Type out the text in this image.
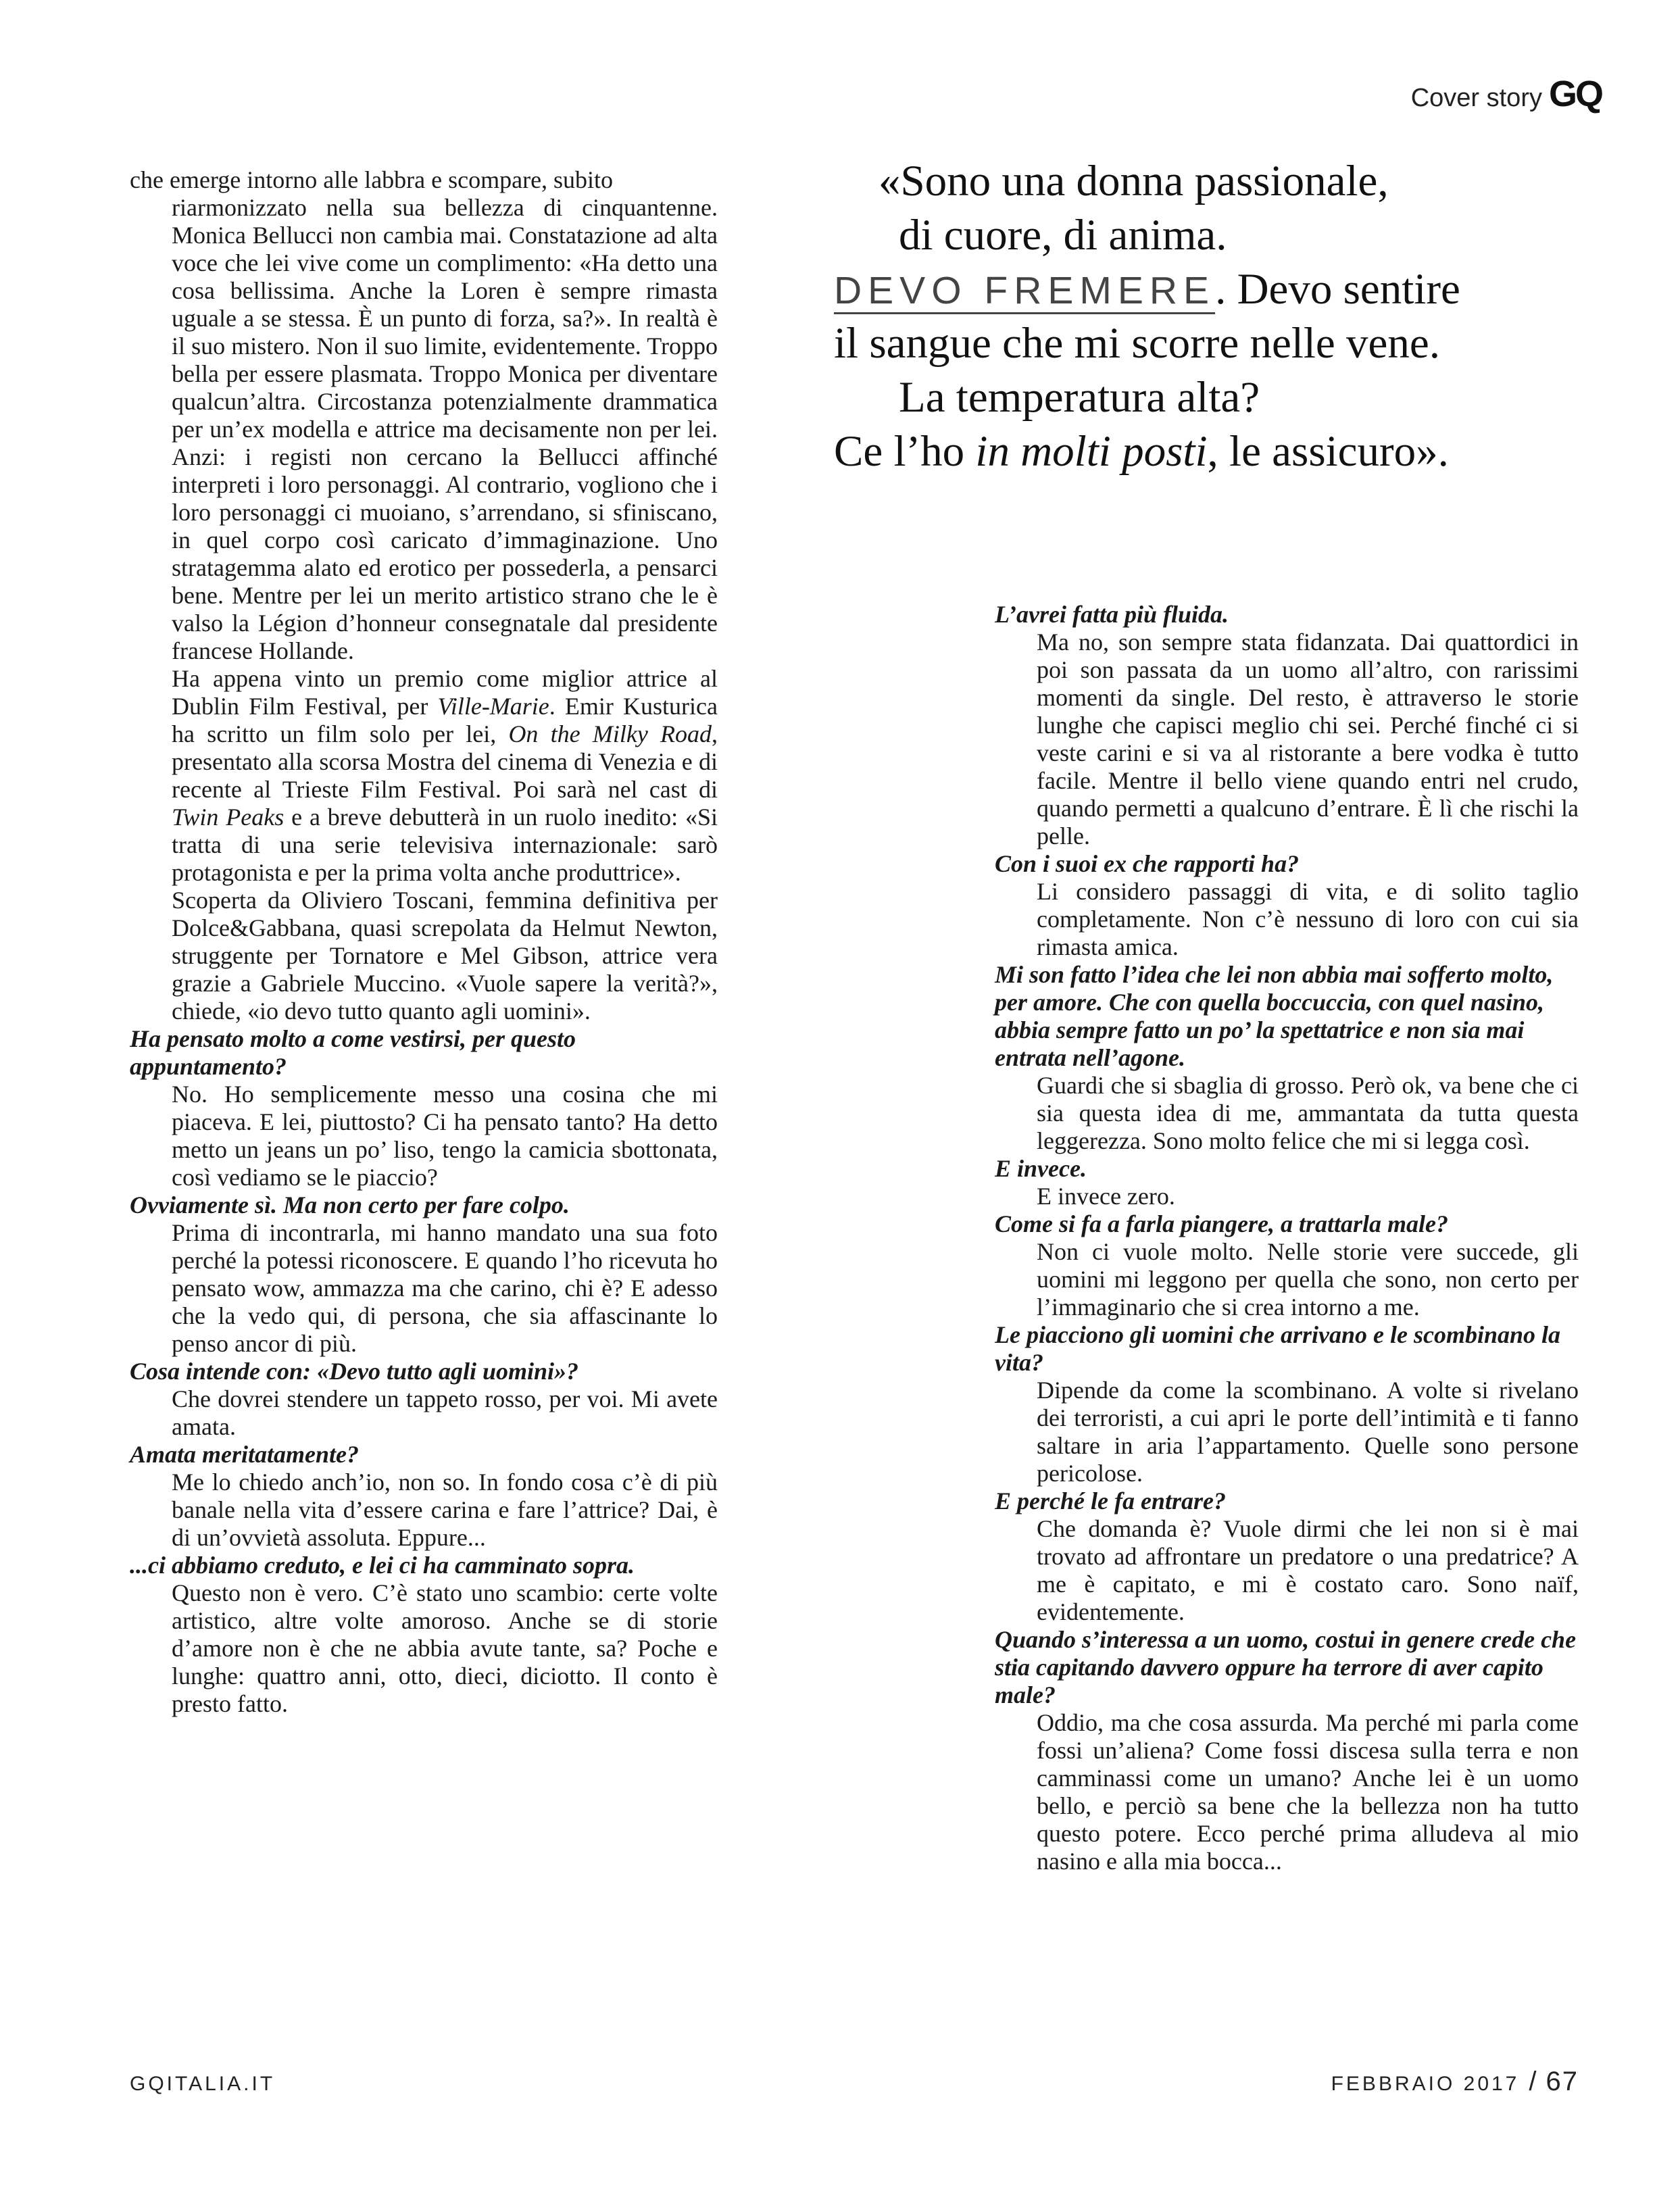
Cover story GQ

che emerge intorno alle labbra e scompare, subito

riarmonizzato nella sua bellezza di cinquantenne. Monica Bellucci non cambia mai. Constatazione ad alta voce che lei vive come un complimento: «Ha detto una cosa bellissima. Anche la Loren è sempre rimasta uguale a se stessa. È un punto di forza, sa?». In realtà è il suo mistero. Non il suo limite, evidentemente. Troppo bella per essere plasmata. Troppo Monica per diventare qualcun’altra. Circostanza potenzialmente drammatica per un’ex modella e attrice ma decisamente non per lei. Anzi: i registi non cercano la Bellucci affinché interpreti i loro personaggi. Al contrario, vogliono che i loro personaggi ci muoiano, s’arrendano, si sfiniscano, in quel corpo così caricato d’immaginazione. Uno stratagemma alato ed erotico per possederla, a pensarci bene. Mentre per lei un merito artistico strano che le è valso la Légion d’honneur consegnatale dal presidente francese Hollande.

Ha appena vinto un premio come miglior attrice al Dublin Film Festival, per Ville-Marie. Emir Kusturica ha scritto un film solo per lei, On the Milky Road, presentato alla scorsa Mostra del cinema di Venezia e di recente al Trieste Film Festival. Poi sarà nel cast di Twin Peaks e a breve debutterà in un ruolo inedito: «Si tratta di una serie televisiva internazionale: sarò protagonista e per la prima volta anche produttrice».

Scoperta da Oliviero Toscani, femmina definitiva per Dolce&Gabbana, quasi screpolata da Helmut Newton, struggente per Tornatore e Mel Gibson, attrice vera grazie a Gabriele Muccino. «Vuole sapere la verità?», chiede, «io devo tutto quanto agli uomini».

Ha pensato molto a come vestirsi, per questo appuntamento?

No. Ho semplicemente messo una cosina che mi piaceva. E lei, piuttosto? Ci ha pensato tanto? Ha detto metto un jeans un po’ liso, tengo la camicia sbottonata, così vediamo se le piaccio?

Ovviamente sì. Ma non certo per fare colpo.

Prima di incontrarla, mi hanno mandato una sua foto perché la potessi riconoscere. E quando l’ho ricevuta ho pensato wow, ammazza ma che carino, chi è? E adesso che la vedo qui, di persona, che sia affascinante lo penso ancor di più.

Cosa intende con: «Devo tutto agli uomini»?

Che dovrei stendere un tappeto rosso, per voi. Mi avete amata.

Amata meritatamente?

Me lo chiedo anch’io, non so. In fondo cosa c’è di più banale nella vita d’essere carina e fare l’attrice? Dai, è di un’ovvietà assoluta. Eppure...

...ci abbiamo creduto, e lei ci ha camminato sopra.

Questo non è vero. C’è stato uno scambio: certe volte artistico, altre volte amoroso. Anche se di storie d’amore non è che ne abbia avute tante, sa? Poche e lunghe: quattro anni, otto, dieci, diciotto. Il conto è presto fatto.

«Sono una donna passionale,
di cuore, di anima.
DEVO FREMERE. Devo sentire
il sangue che mi scorre nelle vene.
La temperatura alta?
Ce l’ho in molti posti, le assicuro».

L’avrei fatta più fluida.

Ma no, son sempre stata fidanzata. Dai quattordici in poi son passata da un uomo all’altro, con rarissimi momenti da single. Del resto, è attraverso le storie lunghe che capisci meglio chi sei. Perché finché ci si veste carini e si va al ristorante a bere vodka è tutto facile. Mentre il bello viene quando entri nel crudo, quando permetti a qualcuno d’entrare. È lì che rischi la pelle.

Con i suoi ex che rapporti ha?

Li considero passaggi di vita, e di solito taglio completamente. Non c’è nessuno di loro con cui sia rimasta amica.

Mi son fatto l’idea che lei non abbia mai sofferto molto, per amore. Che con quella boccuccia, con quel nasino, abbia sempre fatto un po’ la spettatrice e non sia mai entrata nell’agone.

Guardi che si sbaglia di grosso. Però ok, va bene che ci sia questa idea di me, ammantata da tutta questa leggerezza. Sono molto felice che mi si legga così.

E invece.

E invece zero.

Come si fa a farla piangere, a trattarla male?

Non ci vuole molto. Nelle storie vere succede, gli uomini mi leggono per quella che sono, non certo per l’immaginario che si crea intorno a me.

Le piacciono gli uomini che arrivano e le scombinano la vita?

Dipende da come la scombinano. A volte si rivelano dei terroristi, a cui apri le porte dell’intimità e ti fanno saltare in aria l’appartamento. Quelle sono persone pericolose.

E perché le fa entrare?

Che domanda è? Vuole dirmi che lei non si è mai trovato ad affrontare un predatore o una predatrice? A me è capitato, e mi è costato caro. Sono naïf, evidentemente.

Quando s’interessa a un uomo, costui in genere crede che stia capitando davvero oppure ha terrore di aver capito male?

Oddio, ma che cosa assurda. Ma perché mi parla come fossi un’aliena? Come fossi discesa sulla terra e non camminassi come un umano? Anche lei è un uomo bello, e perciò sa bene che la bellezza non ha tutto questo potere. Ecco perché prima alludeva al mio nasino e alla mia bocca...

GQITALIA.IT	FEBBRAIO 2017 / 67
